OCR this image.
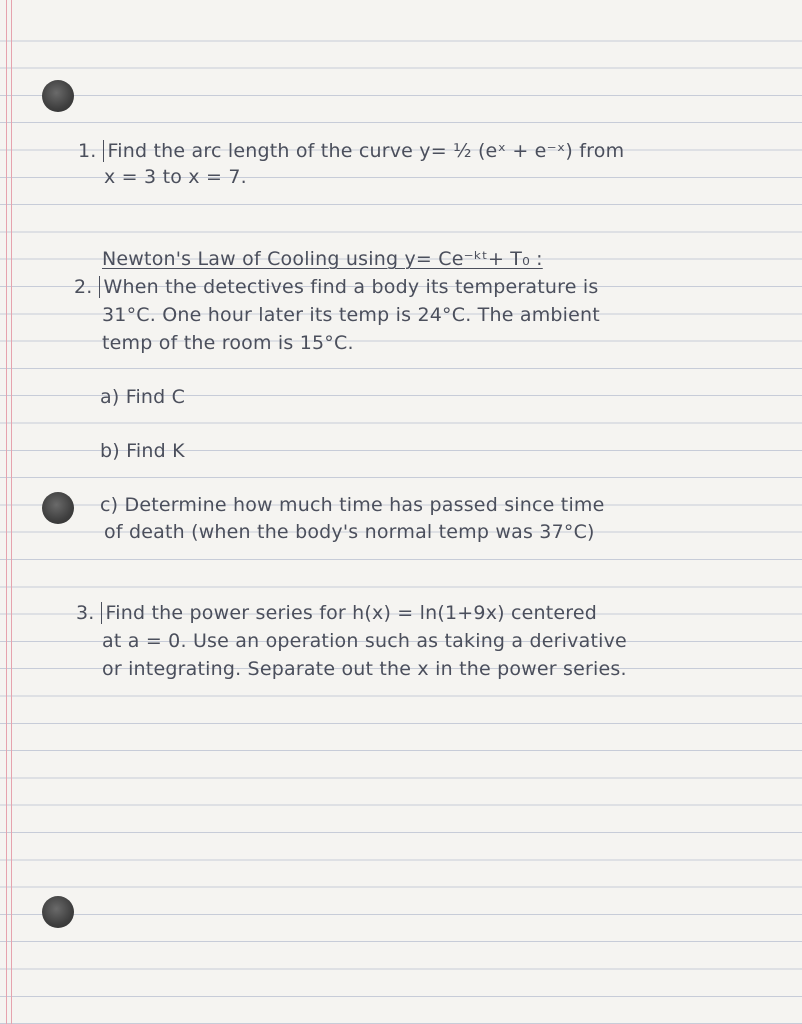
1. Find the arc length of the curve y= ½ (eˣ + e⁻ˣ) from
x = 3 to x = 7.
Newton's Law of Cooling using y= Ce⁻ᵏᵗ+ T₀ :
2. When the detectives find a body its temperature is
31°C. One hour later its temp is 24°C. The ambient
temp of the room is 15°C.
a) Find C
b) Find K
c) Determine how much time has passed since time
of death (when the body's normal temp was 37°C)
3. Find the power series for h(x) = ln(1+9x) centered
at a = 0. Use an operation such as taking a derivative
or integrating. Separate out the x in the power series.
